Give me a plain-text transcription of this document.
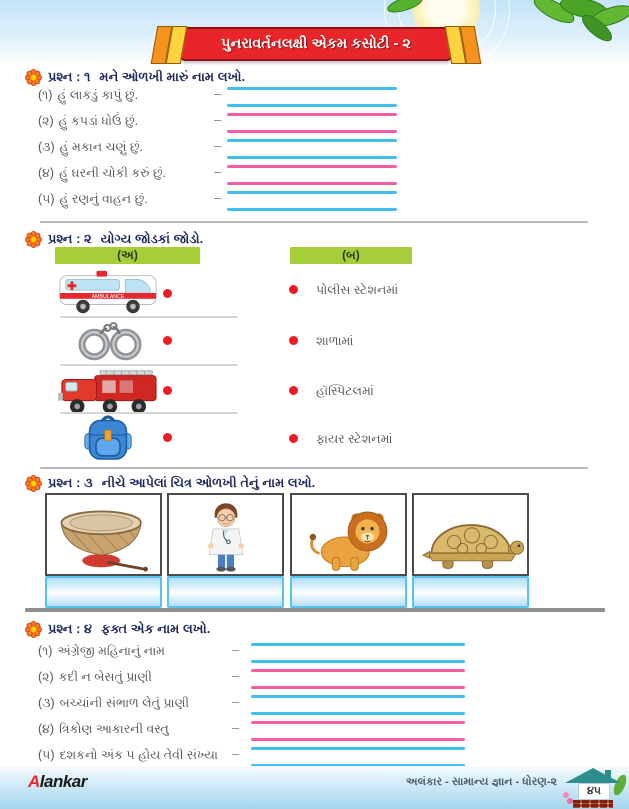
પુનરાવર્તનલક્ષી એકમ કસોટી - ૨
પ્રશ્ન : ૧ મને ઓળખી મારું નામ લખો.
(૧) હું લાકડું કાપું છું.	–
(૨) હું કપડાં ધોઉં છું.	–
(૩) હું મકાન ચણું છું.	–
(૪) હું ઘરની ચોકી કરું છું.	–
(૫) હું રણનું વાહન છું.	–
પ્રશ્ન : ૨ યોગ્ય જોડકાં જોડો.
(અ)	(બ)
AMBULANCE	પોલીસ સ્ટેશનમાં
શાળામાં
હૉસ્પિટલમાં
ફાયર સ્ટેશનમાં
પ્રશ્ન : ૩ નીચે આપેલાં ચિત્ર ઓળખી તેનું નામ લખો.
પ્રશ્ન : ૪ ફક્ત એક નામ લખો.
(૧) અંગ્રેજી મહિનાનું નામ	–
(૨) કદી ન બેસતું પ્રાણી	–
(૩) બચ્ચાંની સંભાળ લેતું પ્રાણી	–
(૪) ત્રિકોણ આકારની વસ્તુ	–
(૫) દશકનો અંક ૫ હોય તેવી સંખ્યા –
Alankar	અલંકાર - સામાન્ય જ્ઞાન - ધોરણ-૨
૪૫
